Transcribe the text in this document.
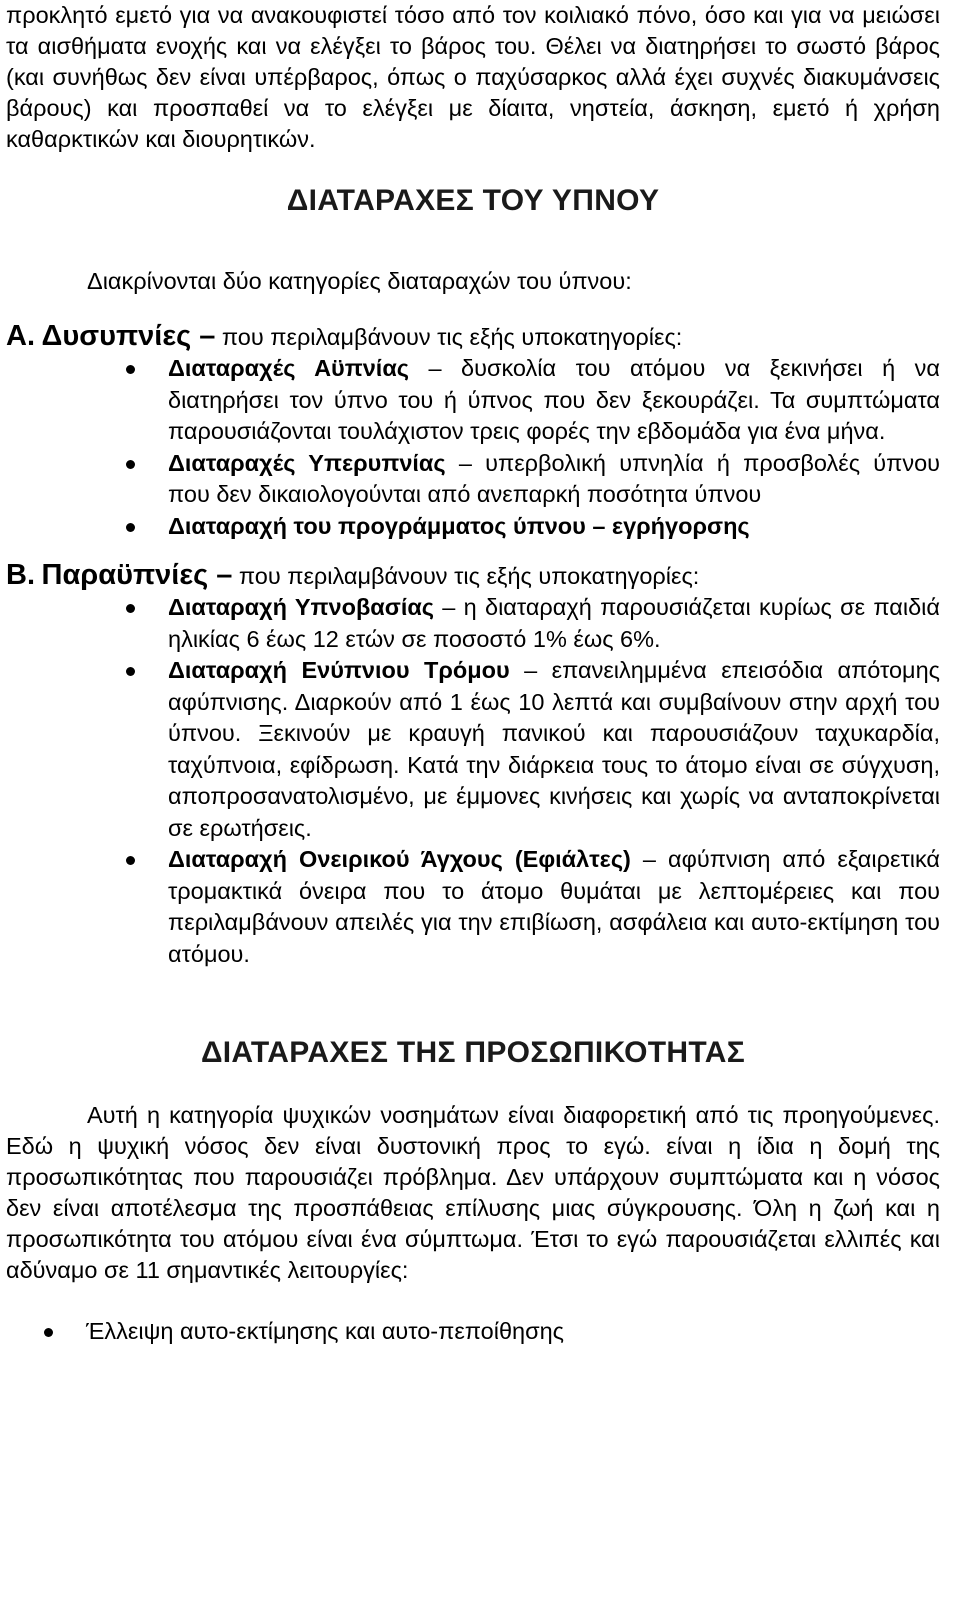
προκλητό εμετό για να ανακουφιστεί τόσο από τον κοιλιακό πόνο, όσο και για να μειώσει τα αισθήματα ενοχής και να ελέγξει το βάρος του. Θέλει να διατηρήσει το σωστό βάρος (και συνήθως δεν είναι υπέρβαρος, όπως ο παχύσαρκος αλλά έχει συχνές διακυμάνσεις βάρους) και προσπαθεί να το ελέγξει με δίαιτα, νηστεία, άσκηση, εμετό ή χρήση καθαρκτικών και διουρητικών.

ΔΙΑΤΑΡΑΧΕΣ ΤΟΥ ΥΠΝΟΥ

Διακρίνονται δύο κατηγορίες διαταραχών του ύπνου:

Α. Δυσυπνίες – που περιλαμβάνουν τις εξής υποκατηγορίες:

Διαταραχές Αϋπνίας – δυσκολία του ατόμου να ξεκινήσει ή να διατηρήσει τον ύπνο του ή ύπνος που δεν ξεκουράζει. Τα συμπτώματα παρουσιάζονται τουλάχιστον τρεις φορές την εβδομάδα για ένα μήνα.
Διαταραχές Υπερυπνίας – υπερβολική υπνηλία ή προσβολές ύπνου που δεν δικαιολογούνται από ανεπαρκή ποσότητα ύπνου
Διαταραχή του προγράμματος ύπνου – εγρήγορσης

Β. Παραϋπνίες – που περιλαμβάνουν τις εξής υποκατηγορίες:

Διαταραχή Υπνοβασίας – η διαταραχή παρουσιάζεται κυρίως σε παιδιά ηλικίας 6 έως 12 ετών σε ποσοστό 1% έως 6%.
Διαταραχή Ενύπνιου Τρόμου – επανειλημμένα επεισόδια απότομης αφύπνισης. Διαρκούν από 1 έως 10 λεπτά και συμβαίνουν στην αρχή του ύπνου. Ξεκινούν με κραυγή πανικού και παρουσιάζουν ταχυκαρδία, ταχύπνοια, εφίδρωση. Κατά την διάρκεια τους το άτομο είναι σε σύγχυση, αποπροσανατολισμένο, με έμμονες κινήσεις και χωρίς να ανταποκρίνεται σε ερωτήσεις.
Διαταραχή Ονειρικού Άγχους (Εφιάλτες) – αφύπνιση από εξαιρετικά τρομακτικά όνειρα που το άτομο θυμάται με λεπτομέρειες και που περιλαμβάνουν απειλές για την επιβίωση, ασφάλεια και αυτο-εκτίμηση του ατόμου.
ΔΙΑΤΑΡΑΧΕΣ ΤΗΣ ΠΡΟΣΩΠΙΚΟΤΗΤΑΣ

Αυτή η κατηγορία ψυχικών νοσημάτων είναι διαφορετική από τις προηγούμενες. Εδώ η ψυχική νόσος δεν είναι δυστονική προς το εγώ. είναι η ίδια η δομή της προσωπικότητας που παρουσιάζει πρόβλημα. Δεν υπάρχουν συμπτώματα και η νόσος δεν είναι αποτέλεσμα της προσπάθειας επίλυσης μιας σύγκρουσης. Όλη η ζωή και η προσωπικότητα του ατόμου είναι ένα σύμπτωμα. Έτσι το εγώ παρουσιάζεται ελλιπές και αδύναμο σε 11 σημαντικές λειτουργίες:

Έλλειψη αυτο-εκτίμησης και αυτο-πεποίθησης
